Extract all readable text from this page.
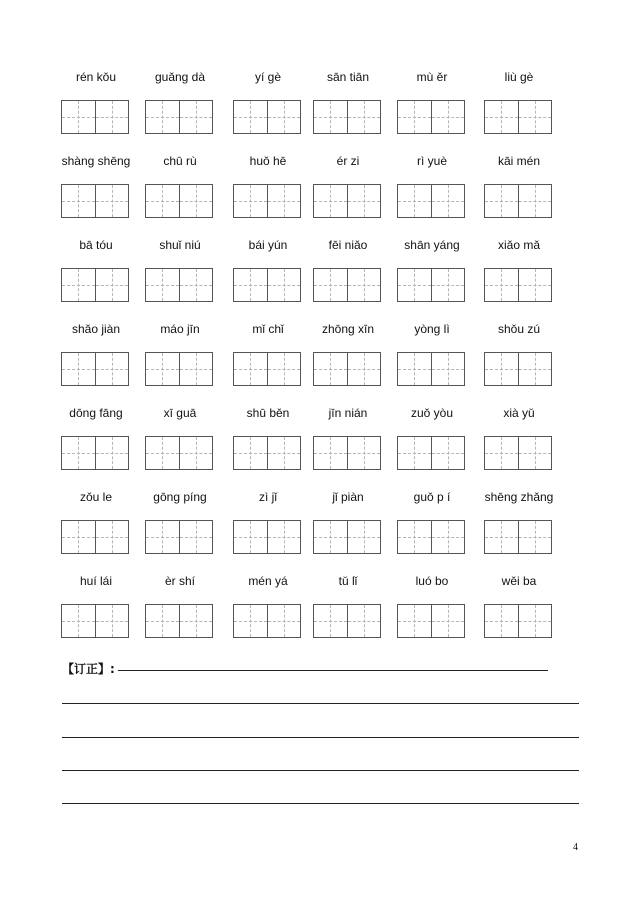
rén kǒu	guǎng dà	yí gè	sān tiān	mù ěr	liù gè
shàng shēng	chū rù	huǒ hē	ér zi	rì yuè	kāi mén
bā tóu	shuǐ niú	bái yún	fēi niǎo	shān yáng	xiǎo mǎ
shǎo jiàn	máo jīn	mǐ chǐ	zhōng xīn	yòng lì	shǒu zú
dōng fāng	xī guā	shū běn	jīn nián	zuǒ yòu	xià yǔ
zǒu le	gōng píng	zì jǐ	jǐ piàn	guǒ p í	shēng zhǎng
huí lái	èr shí	mén yá	tǔ lǐ	luó bo	wěi ba
【订正】:
4
